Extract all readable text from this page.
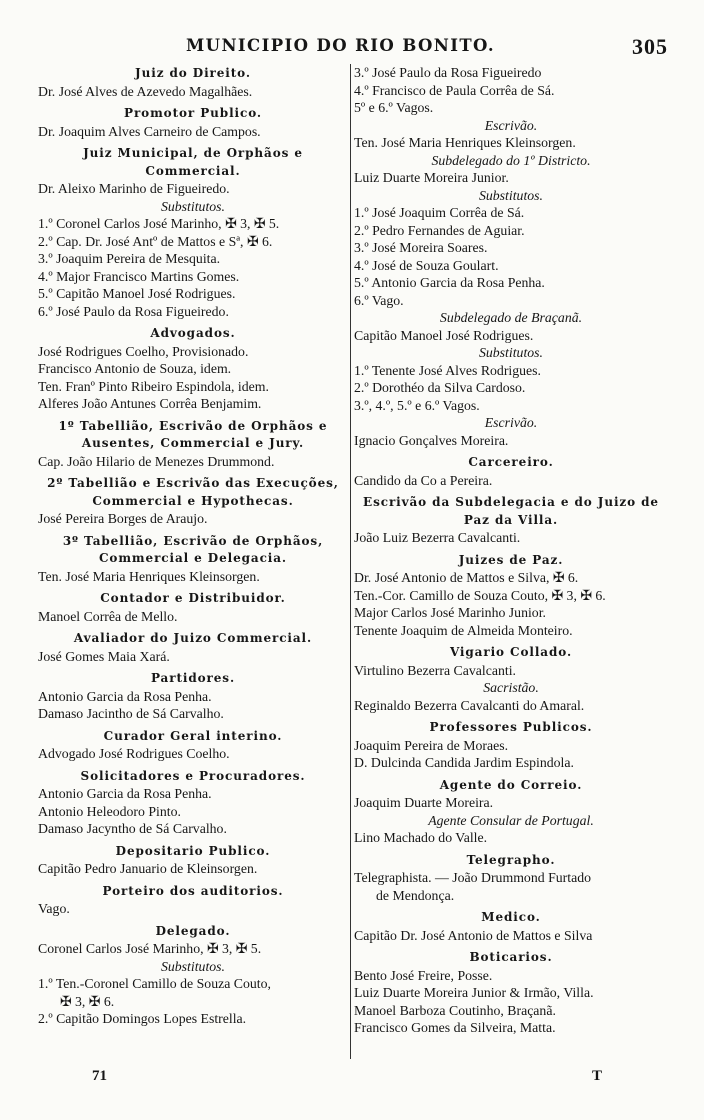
MUNICIPIO DO RIO BONITO.	305
Juiz do Direito.
Dr. José Alves de Azevedo Magalhães.
Promotor Publico.
Dr. Joaquim Alves Carneiro de Campos.
Juiz Municipal, de Orphãos e Commercial.
Dr. Aleixo Marinho de Figueiredo.
Substitutos.
1.º Coronel Carlos José Marinho, ✠ 3, ✠ 5.
2.º Cap. Dr. José Antº de Mattos e Sª, ✠ 6.
3.º Joaquim Pereira de Mesquita.
4.º Major Francisco Martins Gomes.
5.º Capitão Manoel José Rodrigues.
6.º José Paulo da Rosa Figueiredo.
Advogados.
José Rodrigues Coelho, Provisionado.
Francisco Antonio de Souza, idem.
Ten. Franº Pinto Ribeiro Espindola, idem.
Alferes João Antunes Corrêa Benjamim.
1º Tabellião, Escrivão de Orphãos e Ausentes, Commercial e Jury.
Cap. João Hilario de Menezes Drummond.
2º Tabellião e Escrivão das Execuções, Commercial e Hypothecas.
José Pereira Borges de Araujo.
3º Tabellião, Escrivão de Orphãos, Commercial e Delegacia.
Ten. José Maria Henriques Kleinsorgen.
Contador e Distribuidor.
Manoel Corrêa de Mello.
Avaliador do Juizo Commercial.
José Gomes Maia Xará.
Partidores.
Antonio Garcia da Rosa Penha.
Damaso Jacintho de Sá Carvalho.
Curador Geral interino.
Advogado José Rodrigues Coelho.
Solicitadores e Procuradores.
Antonio Garcia da Rosa Penha.
Antonio Heleodoro Pinto.
Damaso Jacyntho de Sá Carvalho.
Depositario Publico.
Capitão Pedro Januario de Kleinsorgen.
Porteiro dos auditorios.
Vago.
Delegado.
Coronel Carlos José Marinho, ✠ 3, ✠ 5.
Substitutos.
1.º Ten.-Coronel Camillo de Souza Couto,
✠ 3, ✠ 6.
2.º Capitão Domingos Lopes Estrella.
3.º José Paulo da Rosa Figueiredo
4.º Francisco de Paula Corrêa de Sá.
5º e 6.º Vagos.
Escrivão.
Ten. José Maria Henriques Kleinsorgen.
Subdelegado do 1º Districto.
Luiz Duarte Moreira Junior.
Substitutos.
1.º José Joaquim Corrêa de Sá.
2.º Pedro Fernandes de Aguiar.
3.º José Moreira Soares.
4.º José de Souza Goulart.
5.º Antonio Garcia da Rosa Penha.
6.º Vago.
Subdelegado de Braçanã.
Capitão Manoel José Rodrigues.
Substitutos.
1.º Tenente José Alves Rodrigues.
2.º Dorothéo da Silva Cardoso.
3.º, 4.º, 5.º e 6.º Vagos.
Escrivão.
Ignacio Gonçalves Moreira.
Carcereiro.
Candido da Co a Pereira.
Escrivão da Subdelegacia e do Juizo de Paz da Villa.
João Luiz Bezerra Cavalcanti.
Juizes de Paz.
Dr. José Antonio de Mattos e Silva, ✠ 6.
Ten.-Cor. Camillo de Souza Couto, ✠ 3, ✠ 6.
Major Carlos José Marinho Junior.
Tenente Joaquim de Almeida Monteiro.
Vigario Collado.
Virtulino Bezerra Cavalcanti.
Sacristão.
Reginaldo Bezerra Cavalcanti do Amaral.
Professores Publicos.
Joaquim Pereira de Moraes.
D. Dulcinda Candida Jardim Espindola.
Agente do Correio.
Joaquim Duarte Moreira.
Agente Consular de Portugal.
Lino Machado do Valle.
Telegrapho.
Telegraphista. — João Drummond Furtado
de Mendonça.
Medico.
Capitão Dr. José Antonio de Mattos e Silva
Boticarios.
Bento José Freire, Posse.
Luiz Duarte Moreira Junior & Irmão, Villa.
Manoel Barboza Coutinho, Braçanã.
Francisco Gomes da Silveira, Matta.
71	T
